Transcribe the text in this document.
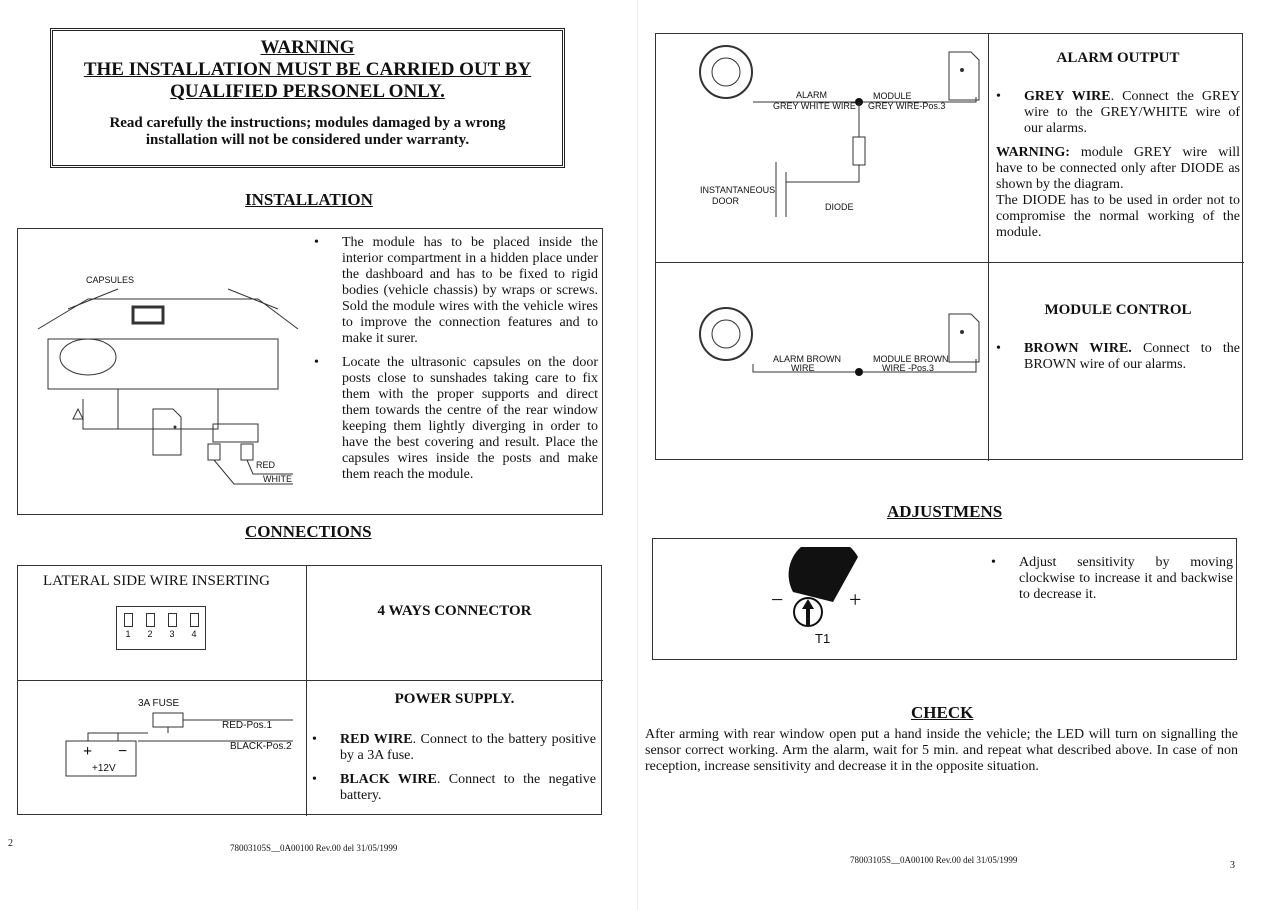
WARNING
THE INSTALLATION MUST BE CARRIED OUT BY
QUALIFIED PERSONEL ONLY.
Read carefully the instructions; modules damaged by a wrong installation will not be considered under warranty.
INSTALLATION
CAPSULES
RED
WHITE
• The module has to be placed inside the interior compartment in a hidden place under the dashboard and has to be fixed to rigid bodies (vehicle chassis) by wraps or screws. Sold the module wires with the vehicle wires to improve the connection features and to make it surer.
• Locate the ultrasonic capsules on the door posts close to sunshades taking care to fix them with the proper supports and direct them towards the centre of the rear window keeping them lightly diverging in order to have the best covering and result. Place the capsules wires inside the posts and make them reach the module.
CONNECTIONS
LATERAL SIDE WIRE INSERTING
1 2 3 4
4 WAYS CONNECTOR
3A FUSE
RED-Pos.1
BLACK-Pos.2
+ −
+12V
POWER SUPPLY.
• RED WIRE. Connect to the battery positive by a 3A fuse.
• BLACK WIRE. Connect to the negative battery.
2	78003105S__0A00100 Rev.00 del 31/05/1999
ALARM
GREY WHITE WIRE
MODULE
GREY WIRE-Pos.3
INSTANTANEOUS
DOOR
DIODE
ALARM OUTPUT
• GREY WIRE. Connect the GREY wire to the GREY/WHITE wire of our alarms.
WARNING: module GREY wire will have to be connected only after DIODE as shown by the diagram.
The DIODE has to be used in order not to compromise the normal working of the module.
ALARM BROWN
WIRE
MODULE BROWN
WIRE -Pos.3
MODULE CONTROL
• BROWN WIRE. Connect to the BROWN wire of our alarms.
ADJUSTMENS
−	+
T1
• Adjust sensitivity by moving clockwise to increase it and backwise to decrease it.
CHECK
After arming with rear window open put a hand inside the vehicle; the LED will turn on signalling the sensor correct working. Arm the alarm, wait for 5 min. and repeat what described above. In case of non reception, increase sensitivity and decrease it in the opposite situation.
78003105S__0A00100 Rev.00 del 31/05/1999	3
